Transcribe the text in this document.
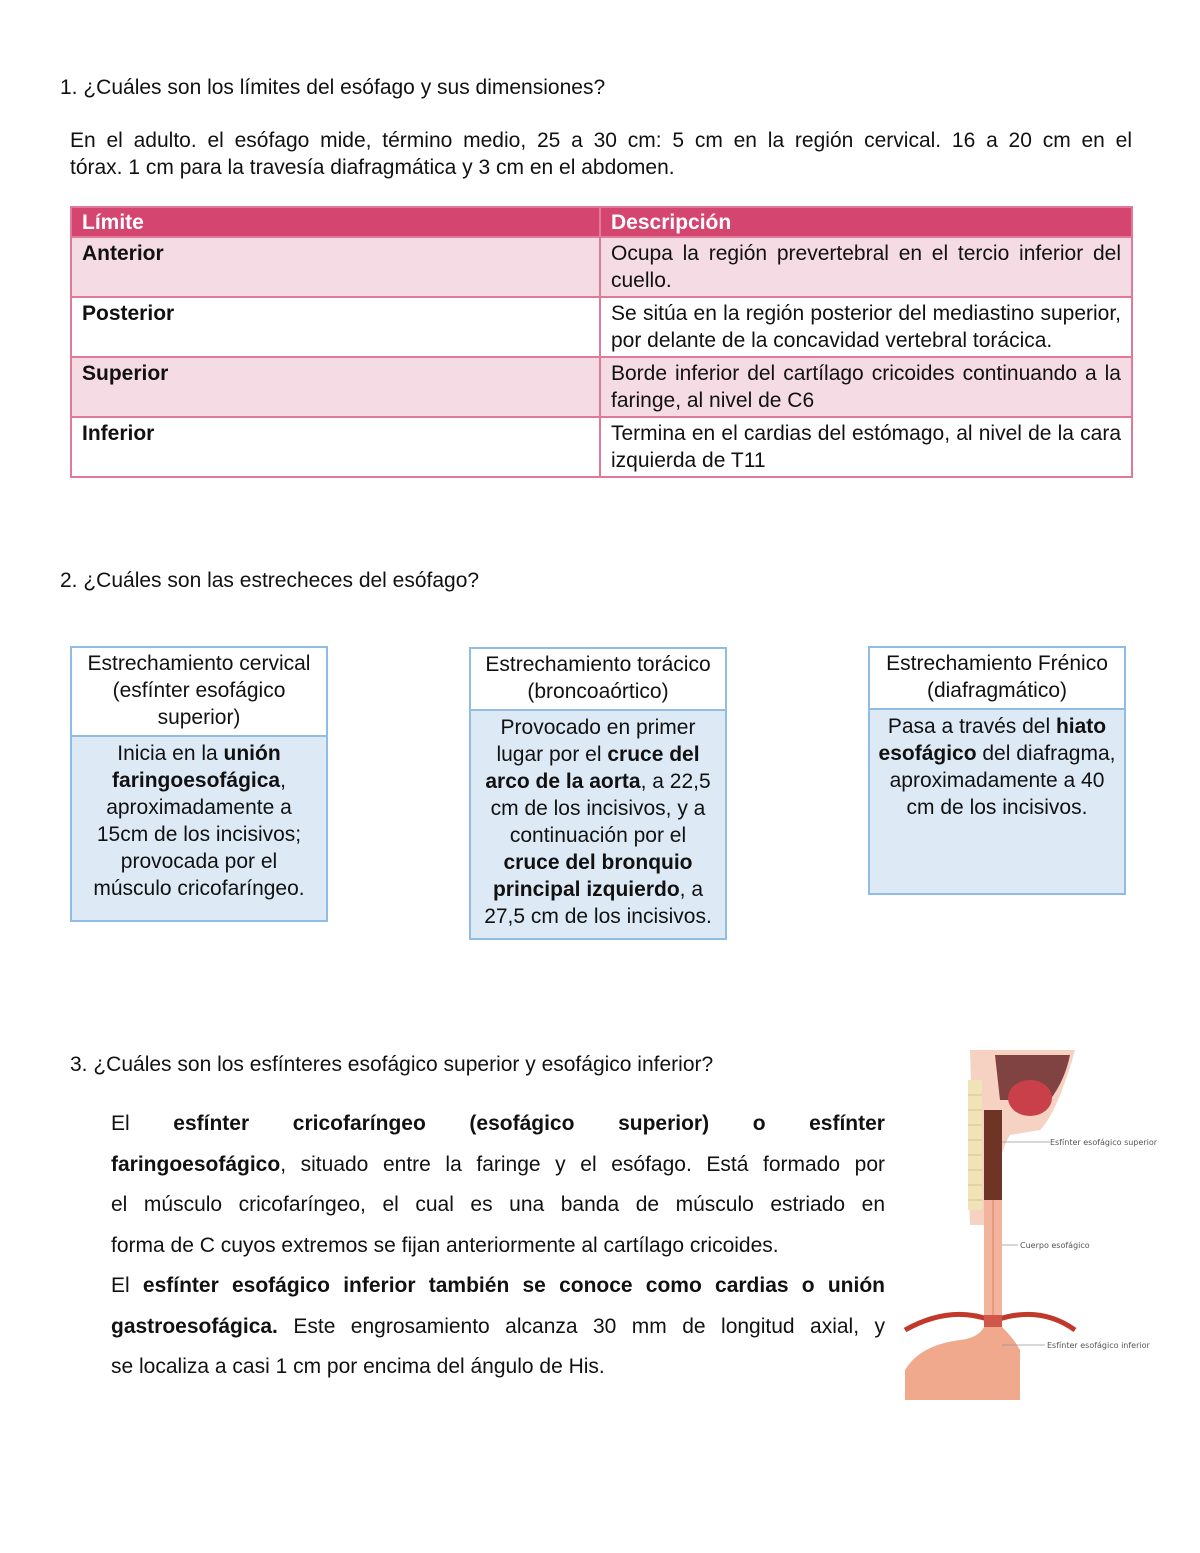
1. ¿Cuáles son los límites del esófago y sus dimensiones?
En el adulto. el esófago mide, término medio, 25 a 30 cm: 5 cm en la región cervical. 16 a 20 cm en el
tórax. 1 cm para la travesía diafragmática y 3 cm en el abdomen.
Límite	Descripción
Anterior	Ocupa la región prevertebral en el tercio inferior del cuello.
Posterior	Se sitúa en la región posterior del mediastino superior, por delante de la concavidad vertebral torácica.
Superior	Borde inferior del cartílago cricoides continuando a la faringe, al nivel de C6
Inferior	Termina en el cardias del estómago, al nivel de la cara izquierda de T11
2. ¿Cuáles son las estrecheces del esófago?
Estrechamiento cervical (esfínter esofágico superior)
Inicia en la unión faringoesofágica, aproximadamente a 15cm de los incisivos; provocada por el músculo cricofaríngeo.
Estrechamiento torácico (broncoaórtico)
Provocado en primer lugar por el cruce del arco de la aorta, a 22,5 cm de los incisivos, y a continuación por el cruce del bronquio principal izquierdo, a 27,5 cm de los incisivos.
Estrechamiento Frénico (diafragmático)
Pasa a través del hiato esofágico del diafragma, aproximadamente a 40 cm de los incisivos.
3. ¿Cuáles son los esfínteres esofágico superior y esofágico inferior?
El esfínter cricofaríngeo (esofágico superior) o esfínter
faringoesofágico, situado entre la faringe y el esófago. Está formado por
el músculo cricofaríngeo, el cual es una banda de músculo estriado en
forma de C cuyos extremos se fijan anteriormente al cartílago cricoides.
El esfínter esofágico inferior también se conoce como cardias o unión
gastroesofágica. Este engrosamiento alcanza 30 mm de longitud axial, y
se localiza a casi 1 cm por encima del ángulo de His.
Esfínter esofágico superior
Cuerpo esofágico
Esfínter esofágico inferior
